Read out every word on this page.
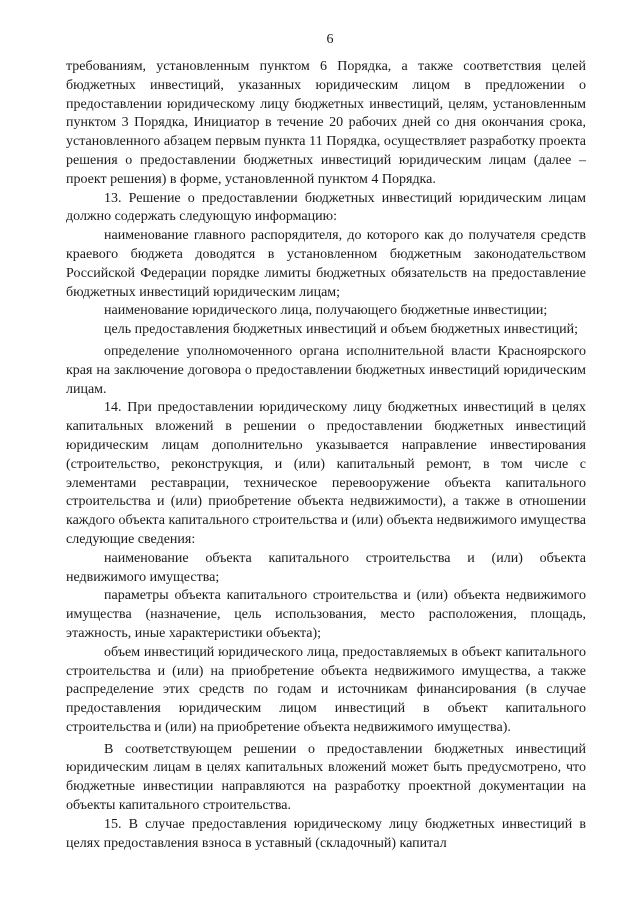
6

требованиям, установленным пунктом 6 Порядка, а также соответствия целей бюджетных инвестиций, указанных юридическим лицом в предложении о предоставлении юридическому лицу бюджетных инвестиций, целям, установленным пунктом 3 Порядка, Инициатор в течение 20 рабочих дней со дня окончания срока, установленного абзацем первым пункта 11 Порядка, осуществляет разработку проекта решения о предоставлении бюджетных инвестиций юридическим лицам (далее – проект решения) в форме, установленной пунктом 4 Порядка.

13. Решение о предоставлении бюджетных инвестиций юридическим лицам должно содержать следующую информацию:

наименование главного распорядителя, до которого как до получателя средств краевого бюджета доводятся в установленном бюджетным законодательством Российской Федерации порядке лимиты бюджетных обязательств на предоставление бюджетных инвестиций юридическим лицам;

наименование юридического лица, получающего бюджетные инвестиции;

цель предоставления бюджетных инвестиций и объем бюджетных инвестиций;

определение уполномоченного органа исполнительной власти Красноярского края на заключение договора о предоставлении бюджетных инвестиций юридическим лицам.

14. При предоставлении юридическому лицу бюджетных инвестиций в целях капитальных вложений в решении о предоставлении бюджетных инвестиций юридическим лицам дополнительно указывается направление инвестирования (строительство, реконструкция, и (или) капитальный ремонт, в том числе с элементами реставрации, техническое перевооружение объекта капитального строительства и (или) приобретение объекта недвижимости), а также в отношении каждого объекта капитального строительства и (или) объекта недвижимого имущества следующие сведения:

наименование объекта капитального строительства и (или) объекта недвижимого имущества;

параметры объекта капитального строительства и (или) объекта недвижимого имущества (назначение, цель использования, место расположения, площадь, этажность, иные характеристики объекта);

объем инвестиций юридического лица, предоставляемых в объект капитального строительства и (или) на приобретение объекта недвижимого имущества, а также распределение этих средств по годам и источникам финансирования (в случае предоставления юридическим лицом инвестиций в объект капитального строительства и (или) на приобретение объекта недвижимого имущества).

В соответствующем решении о предоставлении бюджетных инвестиций юридическим лицам в целях капитальных вложений может быть предусмотрено, что бюджетные инвестиции направляются на разработку проектной документации на объекты капитального строительства.

15. В случае предоставления юридическому лицу бюджетных инвестиций в целях предоставления взноса в уставный (складочный) капитал
